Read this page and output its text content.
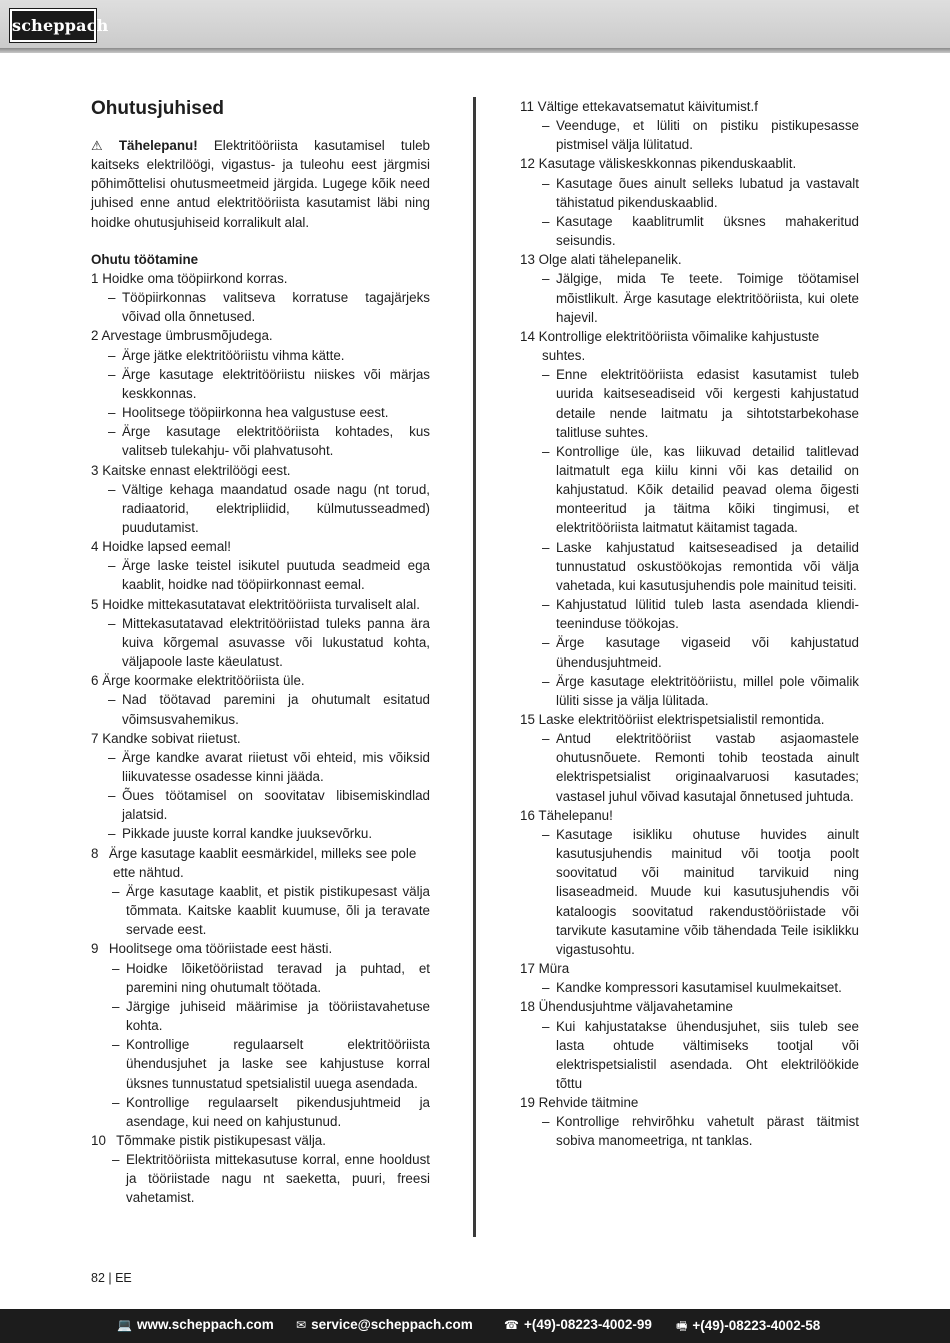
scheppach
Ohutusjuhised
⚠ Tähelepanu! Elektritööriista kasutamisel tuleb kaitseks elektrilöögi, vigastus- ja tuleohu eest järgmisi põhimõttelisi ohutusmeetmeid järgida. Lugege kõik need juhised enne antud elektritööriista kasutamist läbi ning hoidke ohutusjuhiseid korralikult alal.
Ohutu töötamine
1 Hoidke oma tööpiirkond korras.
– Tööpiirkonnas valitseva korratuse tagajärjeks võivad olla õnnetused.
2 Arvestage ümbrusmõjudega.
– Ärge jätke elektritööriistu vihma kätte.
– Ärge kasutage elektritööriistu niiskes või märjas keskkonnas.
– Hoolitsege tööpiirkonna hea valgustuse eest.
– Ärge kasutage elektritööriista kohtades, kus valitseb tulekahju- või plahvatusoht.
3 Kaitske ennast elektrilöögi eest.
– Vältige kehaga maandatud osade nagu (nt torud, radiaatorid, elektripliidid, külmutusseadmed) puudutamist.
4 Hoidke lapsed eemal!
– Ärge laske teistel isikutel puutuda seadmeid ega kaablit, hoidke nad tööpiirkonnast eemal.
5 Hoidke mittekasutatavat elektritööriista turvaliselt alal.
– Mittekasutatavad elektritööriistad tuleks panna ära kuiva kõrgemal asuvasse või lukustatud kohta, väljapoole laste käeulatust.
6 Ärge koormake elektritööriista üle.
– Nad töötavad paremini ja ohutumalt esitatud võimsusvahemikus.
7 Kandke sobivat riietust.
– Ärge kandke avarat riietust või ehteid, mis võiksid liikuvatesse osadesse kinni jääda.
– Õues töötamisel on soovitatav libisemiskindlad jalatsid.
– Pikkade juuste korral kandke juuksevõrku.
8  Ärge kasutage kaablit eesmärkidel, milleks see pole ette nähtud.
– Ärge kasutage kaablit, et pistik pistikupesast välja tõmmata. Kaitske kaablit kuumuse, õli ja teravate servade eest.
9  Hoolitsege oma tööriistade eest hästi.
– Hoidke lõiketööriistad teravad ja puhtad, et paremini ning ohutumalt töötada.
– Järgige juhiseid määrimise ja tööriistavahetuse kohta.
– Kontrollige regulaarselt elektritööriista ühendusjuhet ja laske see kahjustuse korral üksnes tunnustatud spetsialistil uuega asendada.
– Kontrollige regulaarselt pikendusjuhtmeid ja asendage, kui need on kahjustunud.
10  Tõmmake pistik pistikupesast välja.
– Elektritööriista mittekasutuse korral, enne hooldust ja tööriistade nagu nt saeketta, puuri, freesi vahetamist.
11 Vältige ettekavatsematut käivitumist.f
– Veenduge, et lüliti on pistiku pistikupesasse pistmisel välja lülitatud.
12 Kasutage väliskeskkonnas pikenduskaablit.
– Kasutage õues ainult selleks lubatud ja vastavalt tähistatud pikenduskaablid.
– Kasutage kaablitrumlit üksnes mahakeritud seisundis.
13 Olge alati tähelepanelik.
– Jälgige, mida Te teete. Toimige töötamisel mõistlikult. Ärge kasutage elektritööriista, kui olete hajevil.
14 Kontrollige elektritööriista võimalike kahjustuste suhtes.
– Enne elektritööriista edasist kasutamist tuleb uurida kaitseseadiseid või kergesti kahjustatud detaile nende laitmatu ja sihtotstarbekohase talitluse suhtes.
– Kontrollige üle, kas liikuvad detailid talitlevad laitmatult ega kiilu kinni või kas detailid on kahjustatud. Kõik detailid peavad olema õigesti monteeritud ja täitma kõiki tingimusi, et elektritööriista laitmatut käitamist tagada.
– Laske kahjustatud kaitseseadised ja detailid tunnustatud oskustöökojas remontida või välja vahetada, kui kasutusjuhendis pole mainitud teisiti.
– Kahjustatud lülitid tuleb lasta asendada klienditeeninduse töökojas.
– Ärge kasutage vigaseid või kahjustatud ühendusjuhtmeid.
– Ärge kasutage elektritööriistu, millel pole võimalik lüliti sisse ja välja lülitada.
15 Laske elektritööriist elektrispetsialistil remontida.
– Antud elektritööriist vastab asjaomastele ohutusnõuete. Remonti tohib teostada ainult elektrispetsialist originaalvaruosi kasutades; vastasel juhul võivad kasutajal õnnetused juhtuda.
16 Tähelepanu!
– Kasutage isikliku ohutuse huvides ainult kasutusjuhendis mainitud või tootja poolt soovitatud või mainitud tarvikuid ning lisaseadmeid. Muude kui kasutusjuhendis või kataloogis soovitatud rakendustööriistade või tarvikute kasutamine võib tähendada Teile isiklikku vigastusohtu.
17 Müra
– Kandke kompressori kasutamisel kuulmekaitset.
18 Ühendusjuhtme väljavahetamine
– Kui kahjustatakse ühendusjuhet, siis tuleb see lasta ohtude vältimiseks tootjal või elektrispetsialistil asendada. Oht elektrilöökide tõttu
19 Rehvide täitmine
– Kontrollige rehvirõhku vahetult pärast täitmist sobiva manomeetriga, nt tanklas.
82 | EE
💻 www.scheppach.com ✉ service@scheppach.com	☎ +(49)-08223-4002-99 🖷 +(49)-08223-4002-58
